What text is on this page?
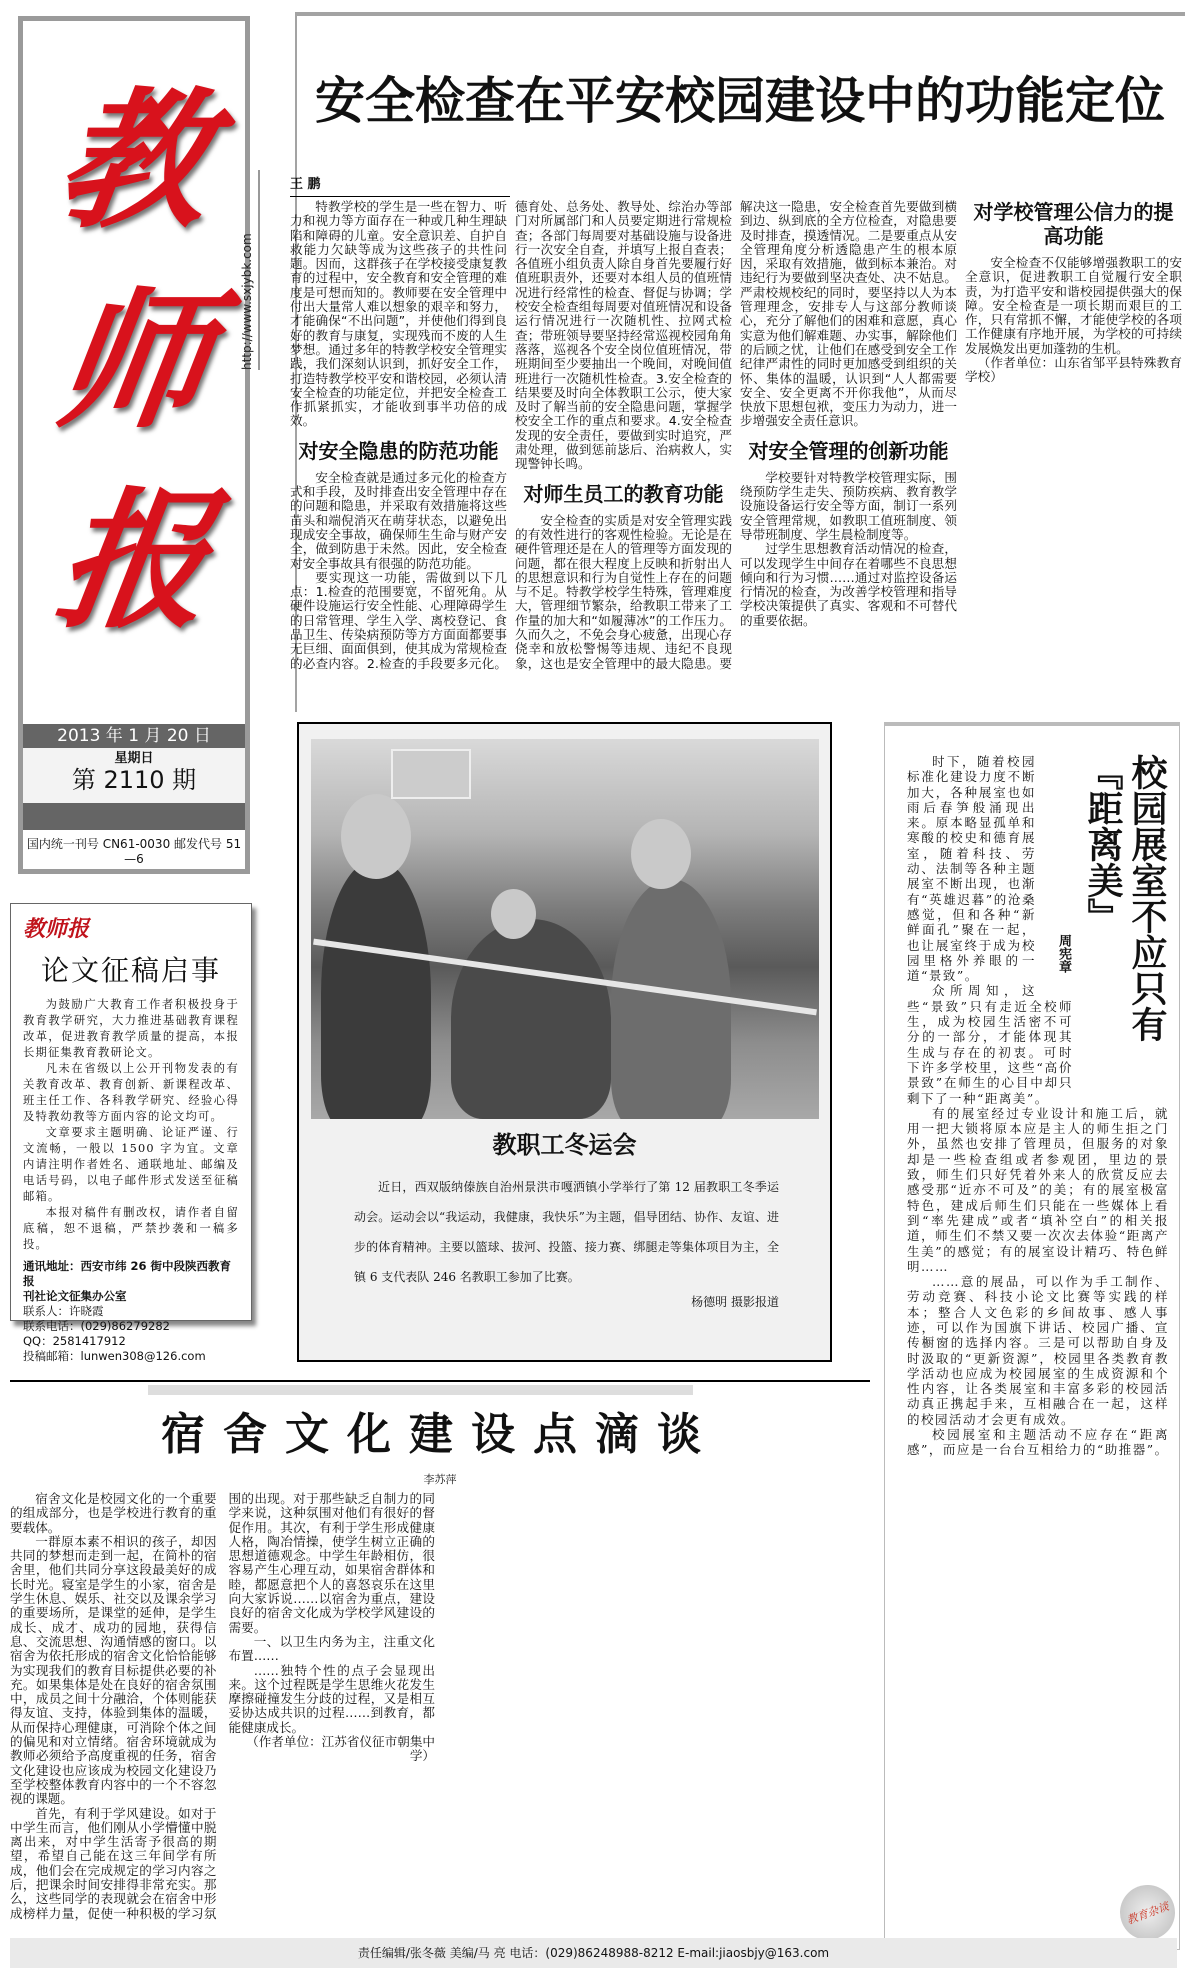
教
师
报
2013 年 1 月 20 日
星期日
第 2110 期
国内统一刊号 CN61-0030 邮发代号 51—6
http://www.sxjybk.com
安全检查在平安校园建设中的功能定位
王 鹏

特教学校的学生是一些在智力、听力和视力等方面存在一种或几种生理缺陷和障碍的儿童。安全意识差、自护自救能力欠缺等成为这些孩子的共性问题。因而，这群孩子在学校接受康复教育的过程中，安全教育和安全管理的难度是可想而知的。教师要在安全管理中付出大量常人难以想象的艰辛和努力，才能确保“不出问题”，并使他们得到良好的教育与康复，实现残而不废的人生梦想。通过多年的特教学校安全管理实践，我们深刻认识到，抓好安全工作，打造特教学校平安和谐校园，必须认清安全检查的功能定位，并把安全检查工作抓紧抓实，才能收到事半功倍的成效。

对安全隐患的防范功能

安全检查就是通过多元化的检查方式和手段，及时排查出安全管理中存在的问题和隐患，并采取有效措施将这些苗头和端倪消灭在萌芽状态，以避免出现成安全事故，确保师生生命与财产安全，做到防患于未然。因此，安全检查对安全事故具有很强的防范功能。

要实现这一功能，需做到以下几点：1.检查的范围要宽，不留死角。从硬件设施运行安全性能、心理障碍学生的日常管理、学生入学、离校登记、食品卫生、传染病预防等方方面面都要事无巨细、面面俱到，使其成为常规检查的必查内容。2.检查的手段要多元化。德育处、总务处、教导处、综治办等部门对所属部门和人员要定期进行常规检查；各部门每周要对基础设施与设备进行一次安全自查，并填写上报自查表；各值班小组负责人除自身首先要履行好值班职责外，还要对本组人员的值班情况进行经常性的检查、督促与协调；学校安全检查组每周要对值班情况和设备运行情况进行一次随机性、拉网式检查；带班领导要坚持经常巡视校园角角落落，巡视各个安全岗位值班情况，带班期间至少要抽出一个晚间，对晚间值班进行一次随机性检查。3.安全检查的结果要及时向全体教职工公示，使大家及时了解当前的安全隐患问题，掌握学校安全工作的重点和要求。4.安全检查发现的安全责任，要做到实时追究，严肃处理，做到惩前毖后、治病救人，实现警钟长鸣。

对师生员工的教育功能

安全检查的实质是对安全管理实践的有效性进行的客观性检验。无论是在硬件管理还是在人的管理等方面发现的问题，都在很大程度上反映和折射出人的思想意识和行为自觉性上存在的问题与不足。特教学校学生特殊，管理难度大，管理细节繁杂，给教职工带来了工作量的加大和“如履薄冰”的工作压力。久而久之，不免会身心疲惫，出现心存侥幸和放松警惕等违规、违纪不良现象，这也是安全管理中的最大隐患。要解决这一隐患，安全检查首先要做到横到边、纵到底的全方位检查，对隐患要及时排查，摸透情况。二是要重点从安全管理角度分析透隐患产生的根本原因，采取有效措施，做到标本兼治。对违纪行为要做到坚决查处、决不姑息。严肃校规校纪的同时，要坚持以人为本管理理念，安排专人与这部分教师谈心，充分了解他们的困难和意愿，真心实意为他们解难题、办实事，解除他们的后顾之忧，让他们在感受到安全工作纪律严肃性的同时更加感受到组织的关怀、集体的温暖，认识到“人人都需要安全、安全更离不开你我他”，从而尽快放下思想包袱，变压力为动力，进一步增强安全责任意识。

对安全管理的创新功能

学校要针对特教学校管理实际，围绕预防学生走失、预防疾病、教育教学设施设备运行安全等方面，制订一系列安全管理常规，如教职工值班制度、领导带班制度、学生晨检制度等。

过学生思想教育活动情况的检查，可以发现学生中间存在着哪些不良思想倾向和行为习惯……通过对监控设备运行情况的检查，为改善学校管理和指导学校决策提供了真实、客观和不可替代的重要依据。

对学校管理公信力的提高功能

安全检查不仅能够增强教职工的安全意识，促进教职工自觉履行安全职责，为打造平安和谐校园提供强大的保障。安全检查是一项长期而艰巨的工作，只有常抓不懈，才能使学校的各项工作健康有序地开展，为学校的可持续发展焕发出更加蓬勃的生机。

（作者单位：山东省邹平县特殊教育学校）

教职工冬运会

近日，西双版纳傣族自治州景洪市嘎洒镇小学举行了第 12 届教职工冬季运动会。运动会以“我运动，我健康，我快乐”为主题，倡导团结、协作、友谊、进步的体育精神。主要以篮球、拔河、投篮、接力赛、绑腿走等集体项目为主，全镇 6 支代表队 246 名教职工参加了比赛。

杨德明 摄影报道
教师报
论文征稿启事

为鼓励广大教育工作者积极投身于教育教学研究，大力推进基础教育课程改革，促进教育教学质量的提高，本报长期征集教育教研论文。

凡未在省级以上公开刊物发表的有关教育改革、教育创新、新课程改革、班主任工作、各科教学研究、经验心得及特教幼教等方面内容的论文均可。

文章要求主题明确、论证严谨、行文流畅，一般以 1500 字为宜。文章内请注明作者姓名、通联地址、邮编及电话号码，以电子邮件形式发送至征稿邮箱。

本报对稿件有删改权，请作者自留底稿，恕不退稿，严禁抄袭和一稿多投。

通讯地址：西安市纬 26 街中段陕西教育报
刊社论文征集办公室
联系人：许晓霞
联系电话：(029)86279282
QQ：2581417912
投稿邮箱：lunwen308@126.com
校园展室不应只有『距离美』
周宪章

时下，随着校园标准化建设力度不断加大，各种展室也如雨后春笋般涌现出来。原本略显孤单和寒酸的校史和德育展室，随着科技、劳动、法制等各种主题展室不断出现，也渐有“英雄迟暮”的沧桑感觉，但和各种“新鲜面孔”聚在一起，也让展室终于成为校园里格外养眼的一道“景致”。

众所周知，这些“景致”只有走近全校师生，成为校园生活密不可分的一部分，才能体现其生成与存在的初衷。可时下许多学校里，这些“高价景致”在师生的心目中却只剩下了一种“距离美”。

有的展室经过专业设计和施工后，就用一把大锁将原本应是主人的师生拒之门外，虽然也安排了管理员，但服务的对象却是一些检查组或者参观团，里边的景致，师生们只好凭着外来人的欣赏反应去感受那“近亦不可及”的美；有的展室极富特色，建成后师生们只能在一些媒体上看到“率先建成”或者“填补空白”的相关报道，师生们不禁又要一次次去体验“距离产生美”的感觉；有的展室设计精巧、特色鲜明……

……意的展品，可以作为手工制作、劳动竞赛、科技小论文比赛等实践的样本；整合人文色彩的乡间故事、感人事迹，可以作为国旗下讲话、校园广播、宣传橱窗的选择内容。三是可以帮助自身及时汲取的“更新资源”，校园里各类教育教学活动也应成为校园展室的生成资源和个性内容，让各类展室和丰富多彩的校园活动真正携起手来，互相融合在一起，这样的校园活动才会更有成效。

校园展室和主题活动不应存在“距离感”，而应是一台台互相给力的“助推器”。

教育杂谈
宿舍文化建设点滴谈
李苏萍

宿舍文化是校园文化的一个重要的组成部分，也是学校进行教育的重要载体。

一群原本素不相识的孩子，却因共同的梦想而走到一起，在简朴的宿舍里，他们共同分享这段最美好的成长时光。寝室是学生的小家，宿舍是学生休息、娱乐、社交以及课余学习的重要场所，是课堂的延伸，是学生成长、成才、成功的园地，获得信息、交流思想、沟通情感的窗口。以宿舍为依托形成的宿舍文化恰恰能够为实现我们的教育目标提供必要的补充。如果集体是处在良好的宿舍氛围中，成员之间十分融洽，个体则能获得友谊、支持，体验到集体的温暖，从而保持心理健康，可消除个体之间的偏见和对立情绪。宿舍环境就成为教师必须给予高度重视的任务，宿舍文化建设也应该成为校园文化建设乃至学校整体教育内容中的一个不容忽视的课题。

首先，有利于学风建设。如对于中学生而言，他们刚从小学懵懂中脱离出来，对中学生活寄予很高的期望，希望自己能在这三年间学有所成，他们会在完成规定的学习内容之后，把课余时间安排得非常充实。那么，这些同学的表现就会在宿舍中形成榜样力量，促使一种积极的学习氛围的出现。对于那些缺乏自制力的同学来说，这种氛围对他们有很好的督促作用。其次，有利于学生形成健康人格，陶冶情操，使学生树立正确的思想道德观念。中学生年龄相仿，很容易产生心理互动，如果宿舍群体和睦，都愿意把个人的喜怒哀乐在这里向大家诉说……以宿舍为重点，建设良好的宿舍文化成为学校学风建设的需要。

一、以卫生内务为主，注重文化布置……

……独特个性的点子会显现出来。这个过程既是学生思维火花发生摩擦碰撞发生分歧的过程，又是相互妥协达成共识的过程……到教育，都能健康成长。

（作者单位：江苏省仪征市朝集中学）

责任编辑/张冬薇 美编/马 亮 电话：(029)86248988-8212 E-mail:jiaosbjy@163.com
